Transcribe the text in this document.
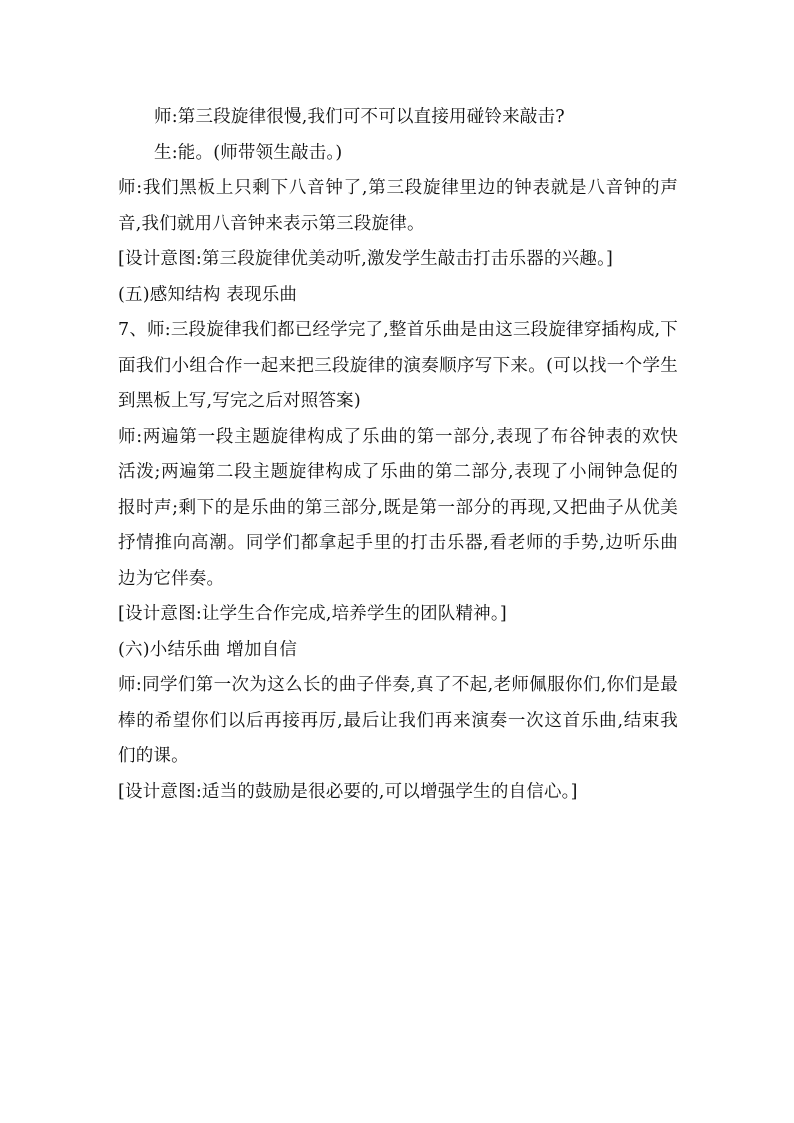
师:第三段旋律很慢,我们可不可以直接用碰铃来敲击?

生:能。(师带领生敲击。)

师:我们黑板上只剩下八音钟了,第三段旋律里边的钟表就是八音钟的声音,我们就用八音钟来表示第三段旋律。

[设计意图:第三段旋律优美动听,激发学生敲击打击乐器的兴趣。]

(五)感知结构 表现乐曲

7、师:三段旋律我们都已经学完了,整首乐曲是由这三段旋律穿插构成,下面我们小组合作一起来把三段旋律的演奏顺序写下来。(可以找一个学生到黑板上写,写完之后对照答案)

师:两遍第一段主题旋律构成了乐曲的第一部分,表现了布谷钟表的欢快活泼;两遍第二段主题旋律构成了乐曲的第二部分,表现了小闹钟急促的报时声;剩下的是乐曲的第三部分,既是第一部分的再现,又把曲子从优美抒情推向高潮。同学们都拿起手里的打击乐器,看老师的手势,边听乐曲边为它伴奏。

[设计意图:让学生合作完成,培养学生的团队精神。]

(六)小结乐曲 增加自信

师:同学们第一次为这么长的曲子伴奏,真了不起,老师佩服你们,你们是最棒的希望你们以后再接再厉,最后让我们再来演奏一次这首乐曲,结束我们的课。

[设计意图:适当的鼓励是很必要的,可以增强学生的自信心。]
